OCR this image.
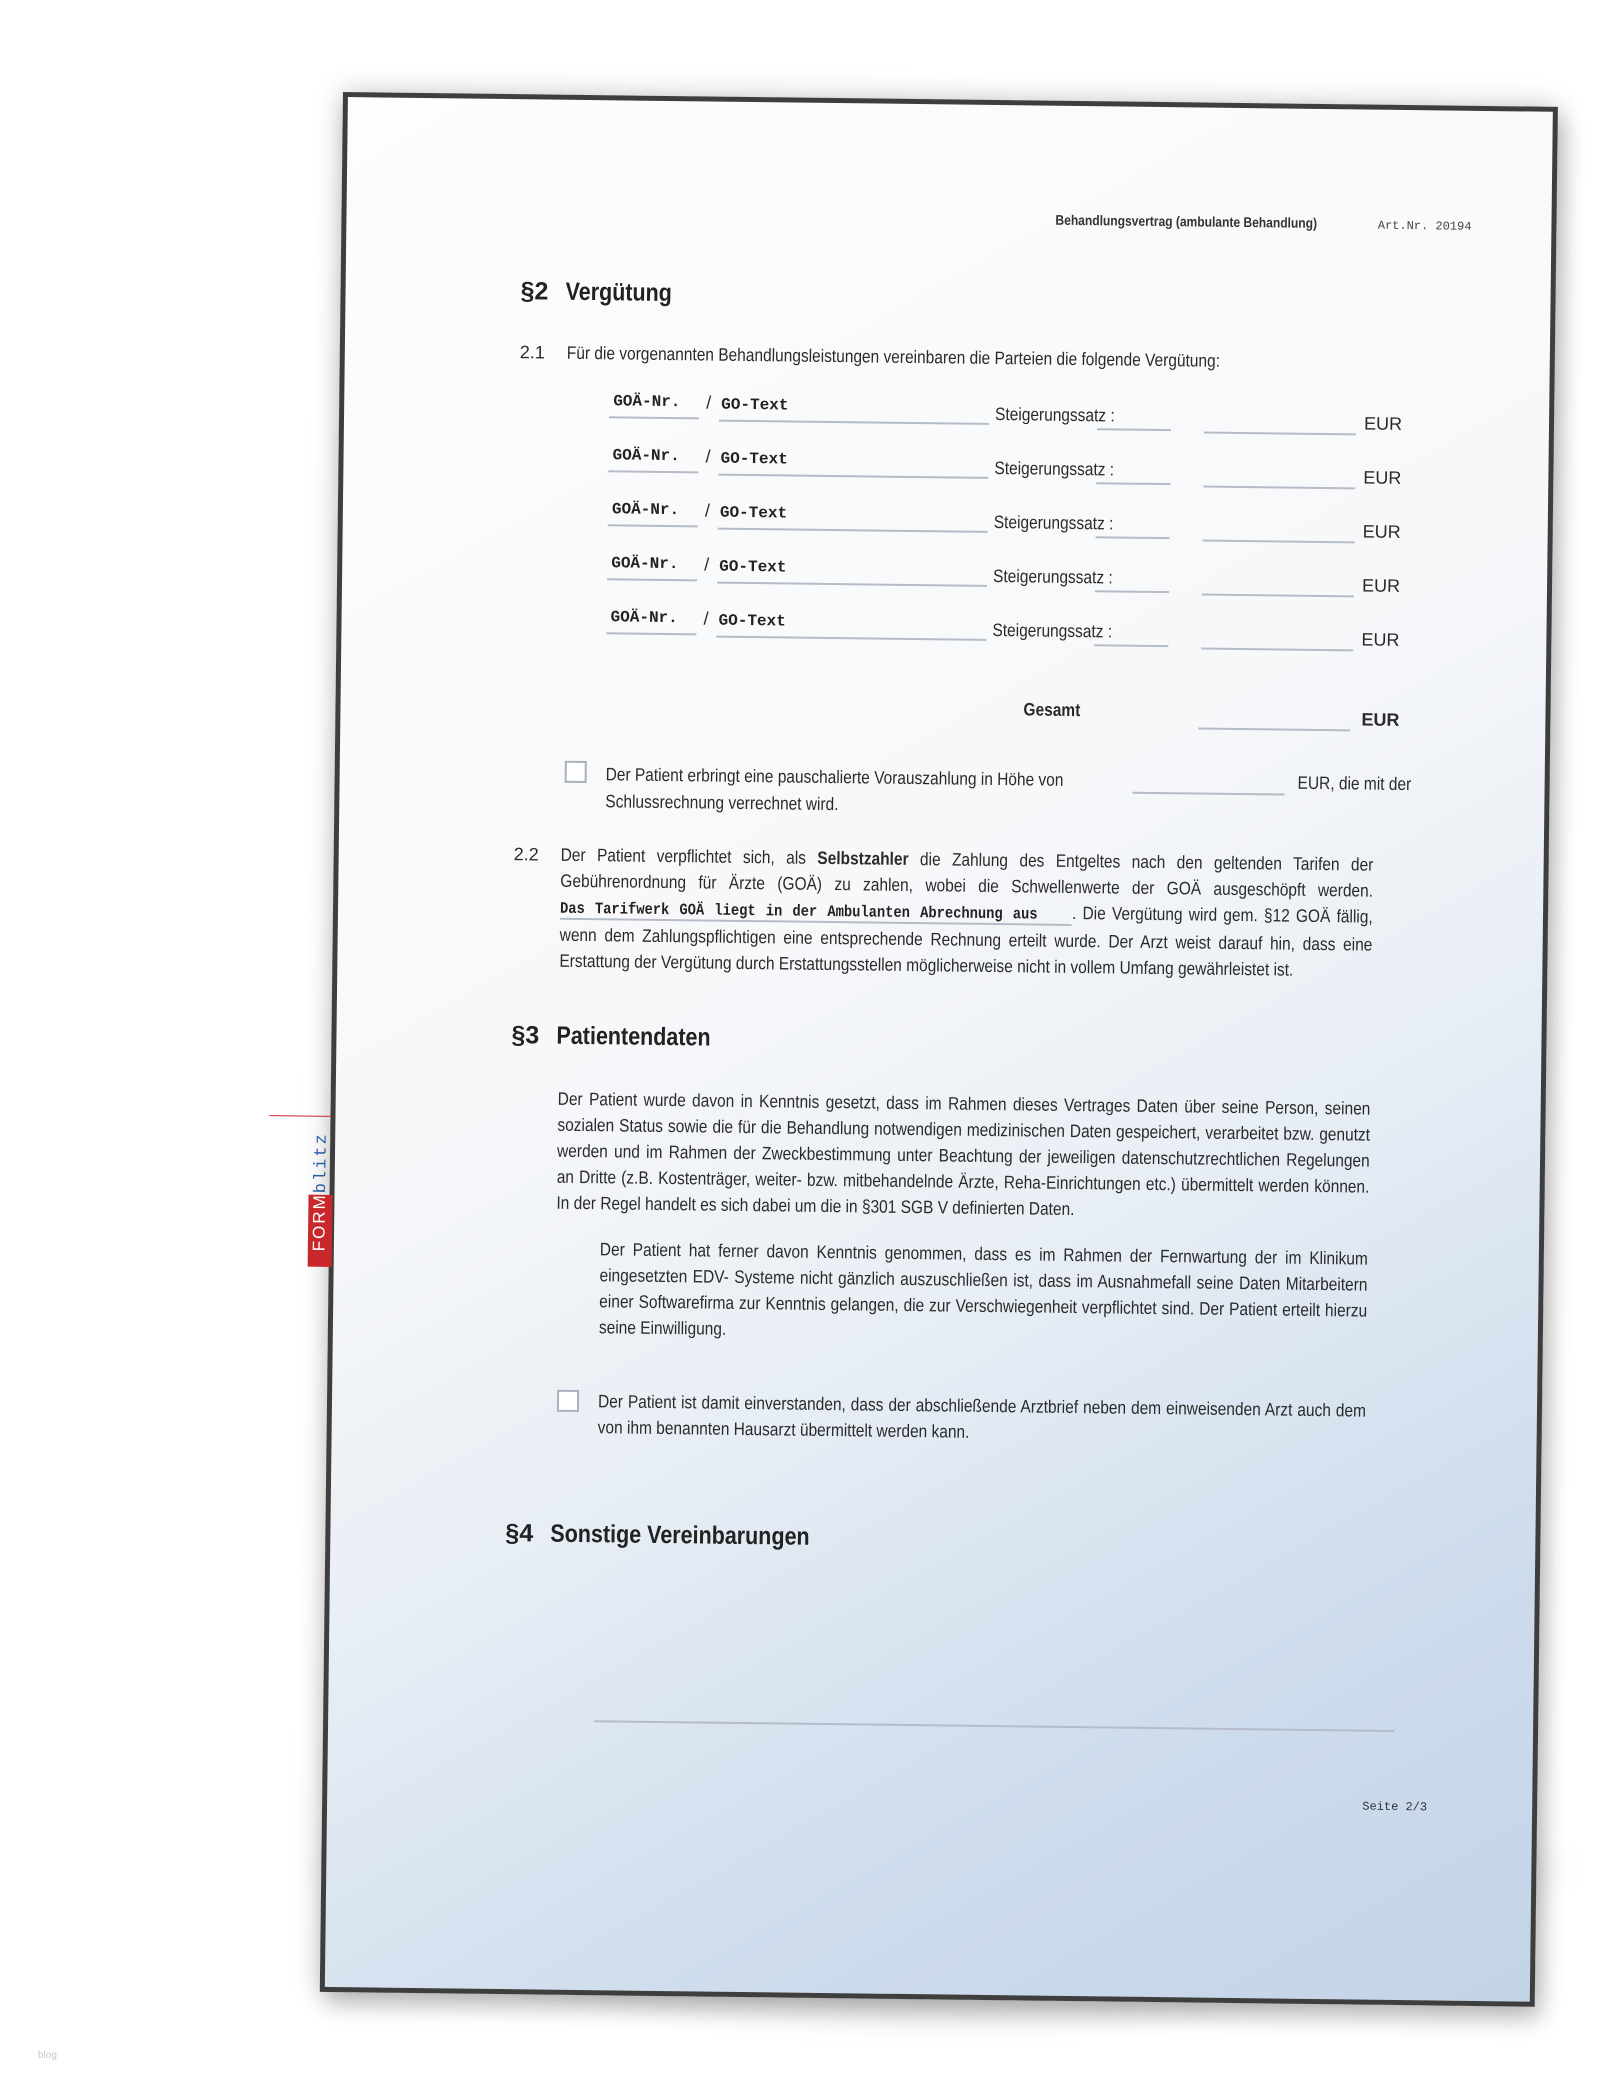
Behandlungsvertrag (ambulante Behandlung)	Art.Nr. 20194
§2 Vergütung
2.1 Für die vorgenannten Behandlungsleistungen vereinbaren die Parteien die folgende Vergütung:
GOÄ-Nr. / GO-Text	Steigerungssatz :	EUR
GOÄ-Nr. / GO-Text	Steigerungssatz :	EUR
GOÄ-Nr. / GO-Text	Steigerungssatz :	EUR
GOÄ-Nr. / GO-Text	Steigerungssatz :	EUR
GOÄ-Nr. / GO-Text	Steigerungssatz :	EUR
Gesamt	EUR
Der Patient erbringt eine pauschalierte Vorauszahlung in Höhe von	EUR, die mit der
Schlussrechnung verrechnet wird.
2.2 Der Patient verpflichtet sich, als Selbstzahler die Zahlung des Entgeltes nach den geltenden Tarifen der Gebührenordnung für Ärzte (GOÄ) zu zahlen, wobei die Schwellenwerte der GOÄ ausgeschöpft werden. Das Tarifwerk GOÄ liegt in der Ambulanten Abrechnung aus . Die Vergütung wird gem. §12 GOÄ fällig, wenn dem Zahlungspflichtigen eine entsprechende Rechnung erteilt wurde. Der Arzt weist darauf hin, dass eine Erstattung der Vergütung durch Erstattungsstellen möglicherweise nicht in vollem Umfang gewährleistet ist.
§3 Patientendaten
Der Patient wurde davon in Kenntnis gesetzt, dass im Rahmen dieses Vertrages Daten über seine Person, seinen sozialen Status sowie die für die Behandlung notwendigen medizinischen Daten gespeichert, verarbeitet bzw. genutzt werden und im Rahmen der Zweckbestimmung unter Beachtung der jeweiligen datenschutzrechtlichen Regelungen an Dritte (z.B. Kostenträger, weiter- bzw. mitbehandelnde Ärzte, Reha-Einrichtungen etc.) übermittelt werden können. In der Regel handelt es sich dabei um die in §301 SGB V definierten Daten.
Der Patient hat ferner davon Kenntnis genommen, dass es im Rahmen der Fernwartung der im Klinikum eingesetzten EDV- Systeme nicht gänzlich auszuschließen ist, dass im Ausnahmefall seine Daten Mitarbeitern einer Softwarefirma zur Kenntnis gelangen, die zur Verschwiegenheit verpflichtet sind. Der Patient erteilt hierzu seine Einwilligung.
Der Patient ist damit einverstanden, dass der abschließende Arztbrief neben dem einweisenden Arzt auch dem von ihm benannten Hausarzt übermittelt werden kann.
§4 Sonstige Vereinbarungen
Seite 2/3
FORMblitz
blog
